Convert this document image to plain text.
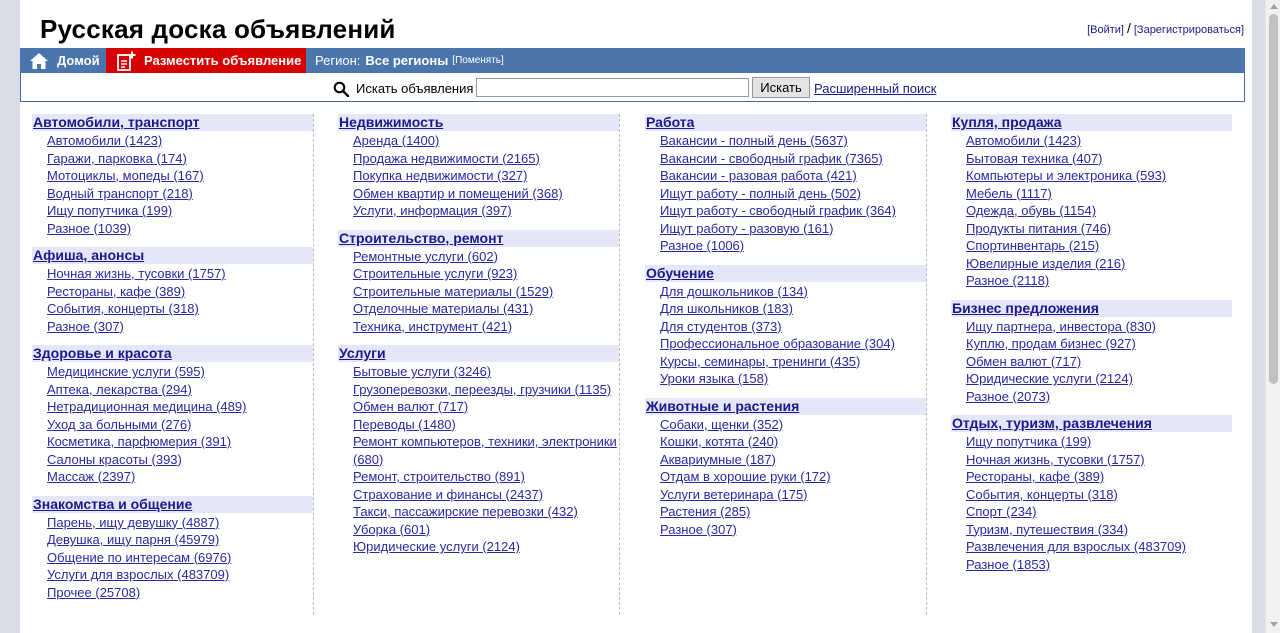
Русская доска объявлений	[Войти] / [Зарегистрироваться]
Домой	Разместить объявление Регион: Все регионы [Поменять]
Искать объявления	Искать Расширенный поиск
Автомобили, транспорт
Автомобили (1423)
Гаражи, парковка (174)
Мотоциклы, мопеды (167)
Водный транспорт (218)
Ищу попутчика (199)
Разное (1039)
Афиша, анонсы
Ночная жизнь, тусовки (1757)
Рестораны, кафе (389)
События, концерты (318)
Разное (307)
Здоровье и красота
Медицинские услуги (595)
Аптека, лекарства (294)
Нетрадиционная медицина (489)
Уход за больными (276)
Косметика, парфюмерия (391)
Салоны красоты (393)
Массаж (2397)
Знакомства и общение
Парень, ищу девушку (4887)
Девушка, ищу парня (45979)
Общение по интересам (6976)
Услуги для взрослых (483709)
Прочее (25708)
Недвижимость
Аренда (1400)
Продажа недвижимости (2165)
Покупка недвижимости (327)
Обмен квартир и помещений (368)
Услуги, информация (397)
Строительство, ремонт
Ремонтные услуги (602)
Строительные услуги (923)
Строительные материалы (1529)
Отделочные материалы (431)
Техника, инструмент (421)
Услуги
Бытовые услуги (3246)
Грузоперевозки, переезды, грузчики (1135)
Обмен валют (717)
Переводы (1480)
Ремонт компьютеров, техники, электроники (680)
Ремонт, строительство (891)
Страхование и финансы (2437)
Такси, пассажирские перевозки (432)
Уборка (601)
Юридические услуги (2124)
Работа
Вакансии - полный день (5637)
Вакансии - свободный график (7365)
Вакансии - разовая работа (421)
Ищут работу - полный день (502)
Ищут работу - свободный график (364)
Ищут работу - разовую (161)
Разное (1006)
Обучение
Для дошкольников (134)
Для школьников (183)
Для студентов (373)
Профессиональное образование (304)
Курсы, семинары, тренинги (435)
Уроки языка (158)
Животные и растения
Собаки, щенки (352)
Кошки, котята (240)
Аквариумные (187)
Отдам в хорошие руки (172)
Услуги ветеринара (175)
Растения (285)
Разное (307)
Купля, продажа
Автомобили (1423)
Бытовая техника (407)
Компьютеры и электроника (593)
Мебель (1117)
Одежда, обувь (1154)
Продукты питания (746)
Спортинвентарь (215)
Ювелирные изделия (216)
Разное (2118)
Бизнес предложения
Ищу партнера, инвестора (830)
Куплю, продам бизнес (927)
Обмен валют (717)
Юридические услуги (2124)
Разное (2073)
Отдых, туризм, развлечения
Ищу попутчика (199)
Ночная жизнь, тусовки (1757)
Рестораны, кафе (389)
События, концерты (318)
Спорт (234)
Туризм, путешествия (334)
Развлечения для взрослых (483709)
Разное (1853)
